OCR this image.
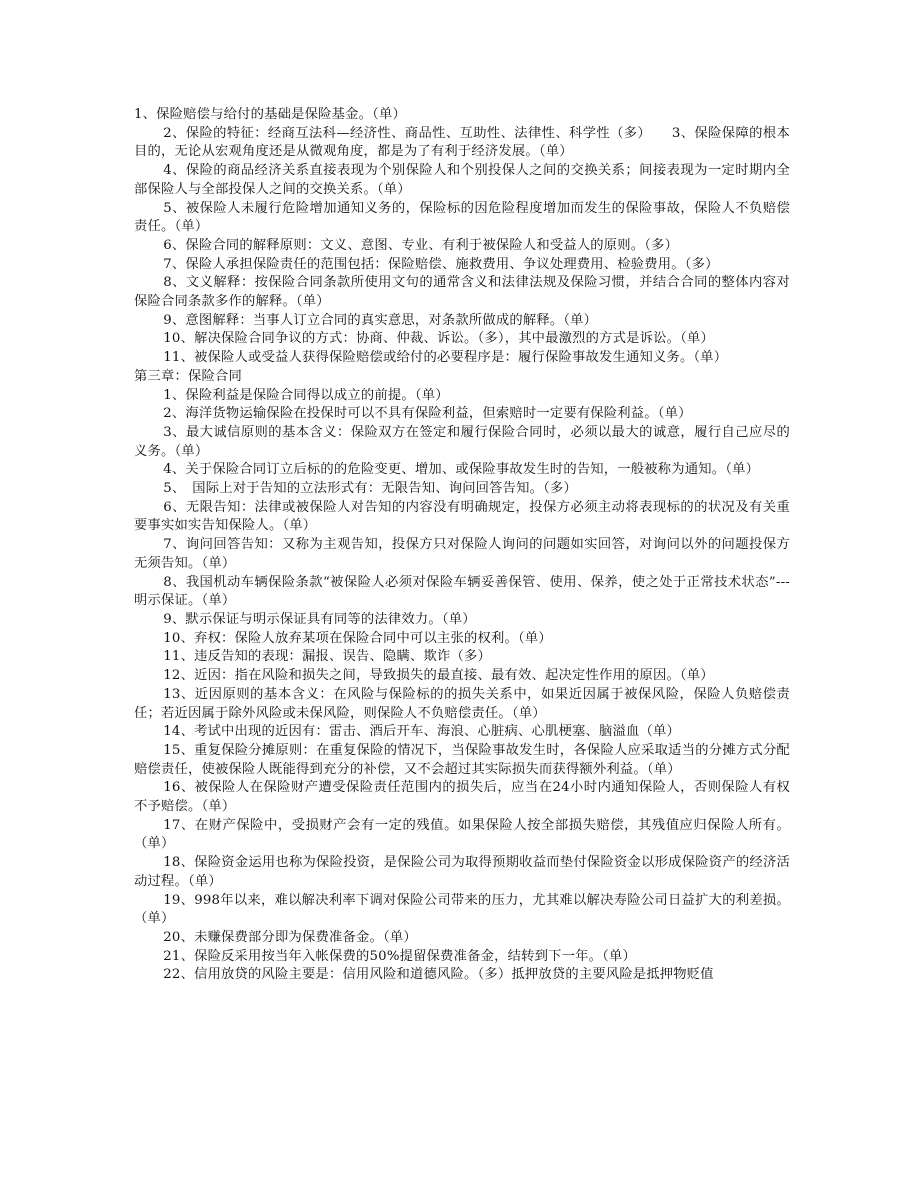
1、保险赔偿与给付的基础是保险基金。（单）

2、保险的特征：经商互法科—经济性、商品性、互助性、法律性、科学性（多）　　3、保险保障的根本目的，无论从宏观角度还是从微观角度，都是为了有利于经济发展。（单）

4、保险的商品经济关系直接表现为个别保险人和个别投保人之间的交换关系；间接表现为一定时期内全部保险人与全部投保人之间的交换关系。（单）

5、被保险人未履行危险增加通知义务的，保险标的因危险程度增加而发生的保险事故，保险人不负赔偿责任。（单）

6、保险合同的解释原则：文义、意图、专业、有利于被保险人和受益人的原则。（多）

7、保险人承担保险责任的范围包括：保险赔偿、施救费用、争议处理费用、检验费用。（多）

8、文义解释：按保险合同条款所使用文句的通常含义和法律法规及保险习惯，并结合合同的整体内容对保险合同条款多作的解释。（单）

9、意图解释：当事人订立合同的真实意思，对条款所做成的解释。（单）

10、解决保险合同争议的方式：协商、仲裁、诉讼。（多），其中最激烈的方式是诉讼。（单）

11、被保险人或受益人获得保险赔偿或给付的必要程序是：履行保险事故发生通知义务。（单）

第三章：保险合同

1、保险利益是保险合同得以成立的前提。（单）

2、海洋货物运输保险在投保时可以不具有保险利益，但索赔时一定要有保险利益。（单）

3、最大诚信原则的基本含义：保险双方在签定和履行保险合同时，必须以最大的诚意，履行自己应尽的义务。（单）

4、关于保险合同订立后标的的危险变更、增加、或保险事故发生时的告知，一般被称为通知。（单）

5、　国际上对于告知的立法形式有：无限告知、询问回答告知。（多）

6、无限告知：法律或被保险人对告知的内容没有明确规定，投保方必须主动将表现标的的状况及有关重要事实如实告知保险人。（单）

7、询问回答告知：又称为主观告知，投保方只对保险人询问的问题如实回答，对询问以外的问题投保方无须告知。（单）

8、我国机动车辆保险条款“被保险人必须对保险车辆妥善保管、使用、保养，使之处于正常技术状态”---明示保证。（单）

9、默示保证与明示保证具有同等的法律效力。（单）

10、弃权：保险人放弃某项在保险合同中可以主张的权利。（单）

11、违反告知的表现：漏报、误告、隐瞒、欺诈（多）

12、近因：指在风险和损失之间，导致损失的最直接、最有效、起决定性作用的原因。（单）

13、近因原则的基本含义：在风险与保险标的的损失关系中，如果近因属于被保风险，保险人负赔偿责任；若近因属于除外风险或未保风险，则保险人不负赔偿责任。（单）

14、考试中出现的近因有：雷击、酒后开车、海浪、心脏病、心肌梗塞、脑溢血（单）

15、重复保险分摊原则：在重复保险的情况下，当保险事故发生时，各保险人应采取适当的分摊方式分配赔偿责任，使被保险人既能得到充分的补偿，又不会超过其实际损失而获得额外利益。（单）

16、被保险人在保险财产遭受保险责任范围内的损失后，应当在24小时内通知保险人，否则保险人有权不予赔偿。（单）

17、在财产保险中，受损财产会有一定的残值。如果保险人按全部损失赔偿，其残值应归保险人所有。（单）

18、保险资金运用也称为保险投资，是保险公司为取得预期收益而垫付保险资金以形成保险资产的经济活动过程。（单）

19、998年以来，难以解决利率下调对保险公司带来的压力，尤其难以解决寿险公司日益扩大的利差损。（单）

20、未赚保费部分即为保费准备金。（单）

21、保险反采用按当年入帐保费的50%提留保费准备金，结转到下一年。（单）

22、信用放贷的风险主要是：信用风险和道德风险。（多）抵押放贷的主要风险是抵押物贬值
